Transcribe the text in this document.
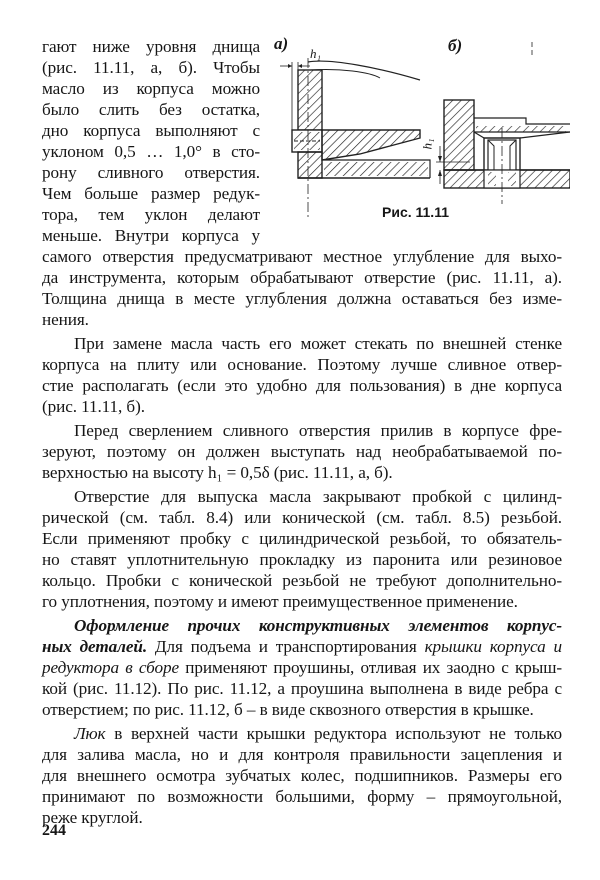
а)
h₁	б)
h₁
Рис. 11.11
гают ниже уровня днища
(рис. 11.11, а, б). Чтобы
масло из корпуса можно
было слить без остатка,
дно корпуса выполняют с
уклоном 0,5 … 1,0° в сто-
рону сливного отверстия.
Чем больше размер редук-
тора, тем уклон делают
меньше. Внутри корпуса у
самого отверстия предусматривают местное углубление для выхо-
да инструмента, которым обрабатывают отверстие (рис. 11.11, а).
Толщина днища в месте углубления должна оставаться без изме-
нения.
При замене масла часть его может стекать по внешней стенке
корпуса на плиту или основание. Поэтому лучше сливное отвер-
стие располагать (если это удобно для пользования) в дне корпуса
(рис. 11.11, б).
Перед сверлением сливного отверстия прилив в корпусе фре-
зеруют, поэтому он должен выступать над необрабатываемой по-
верхностью на высоту h₁ = 0,5δ (рис. 11.11, а, б).
Отверстие для выпуска масла закрывают пробкой с цилинд-
рической (см. табл. 8.4) или конической (см. табл. 8.5) резьбой.
Если применяют пробку с цилиндрической резьбой, то обязатель-
но ставят уплотнительную прокладку из паронита или резиновое
кольцо. Пробки с конической резьбой не требуют дополнительно-
го уплотнения, поэтому и имеют преимущественное применение.
Оформление прочих конструктивных элементов корпус-
ных деталей. Для подъема и транспортирования крышки корпуса и
редуктора в сборе применяют проушины, отливая их заодно с крыш-
кой (рис. 11.12). По рис. 11.12, а проушина выполнена в виде ребра с
отверстием; по рис. 11.12, б – в виде сквозного отверстия в крышке.
Люк в верхней части крышки редуктора используют не только
для залива масла, но и для контроля правильности зацепления и
для внешнего осмотра зубчатых колес, подшипников. Размеры его
принимают по возможности большими, форму – прямоугольной,
реже круглой.
244
